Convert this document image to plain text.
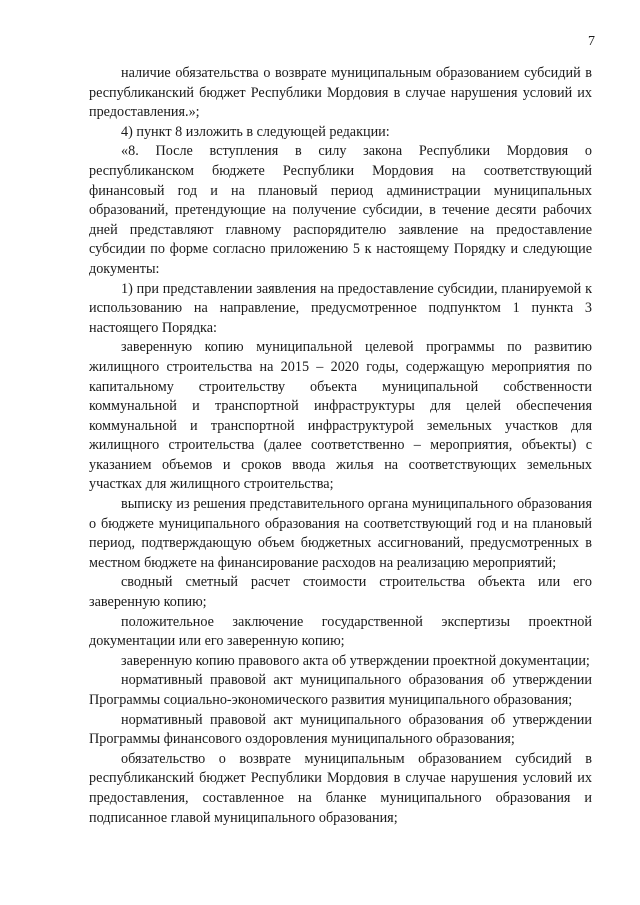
7

наличие обязательства о возврате муниципальным образованием субсидий в республиканский бюджет Республики Мордовия в случае нарушения условий их предоставления.»;

4) пункт 8 изложить в следующей редакции:

«8. После вступления в силу закона Республики Мордовия о республиканском бюджете Республики Мордовия на соответствующий финансовый год и на плановый период администрации муниципальных образований, претендующие на получение субсидии, в течение десяти рабочих дней представляют главному распорядителю заявление на предоставление субсидии по форме согласно приложению 5 к настоящему Порядку и следующие документы:

1) при представлении заявления на предоставление субсидии, планируемой к использованию на направление, предусмотренное подпунктом 1 пункта 3 настоящего Порядка:

заверенную копию муниципальной целевой программы по развитию жилищного строительства на 2015 – 2020 годы, содержащую мероприятия по капитальному строительству объекта муниципальной собственности коммунальной и транспортной инфраструктуры для целей обеспечения коммунальной и транспортной инфраструктурой земельных участков для жилищного строительства (далее соответственно – мероприятия, объекты) с указанием объемов и сроков ввода жилья на соответствующих земельных участках для жилищного строительства;

выписку из решения представительного органа муниципального образования о бюджете муниципального образования на соответствующий год и на плановый период, подтверждающую объем бюджетных ассигнований, предусмотренных в местном бюджете на финансирование расходов на реализацию мероприятий;

сводный сметный расчет стоимости строительства объекта или его заверенную копию;

положительное заключение государственной экспертизы проектной документации или его заверенную копию;

заверенную копию правового акта об утверждении проектной документации;

нормативный правовой акт муниципального образования об утверждении Программы социально-экономического развития муниципального образования;

нормативный правовой акт муниципального образования об утверждении Программы финансового оздоровления муниципального образования;

обязательство о возврате муниципальным образованием субсидий в республиканский бюджет Республики Мордовия в случае нарушения условий их предоставления, составленное на бланке муниципального образования и подписанное главой муниципального образования;
